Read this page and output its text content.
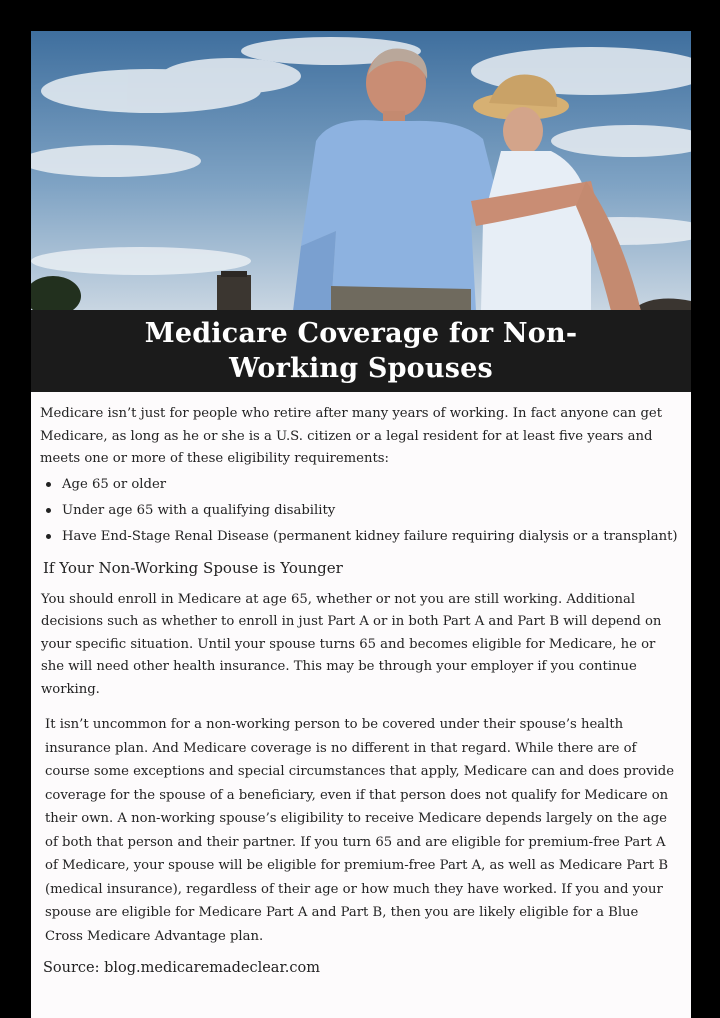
Medicare Coverage for Non-Working Spouses

Medicare isn’t just for people who retire after many years of working. In fact anyone can get Medicare, as long as he or she is a U.S. citizen or a legal resident for at least five years and meets one or more of these eligibility requirements:

Age 65 or older
Under age 65 with a qualifying disability
Have End-Stage Renal Disease (permanent kidney failure requiring dialysis or a transplant)
If Your Non-Working Spouse is Younger

You should enroll in Medicare at age 65, whether or not you are still working. Additional decisions such as whether to enroll in just Part A or in both Part A and Part B will depend on your specific situation. Until your spouse turns 65 and becomes eligible for Medicare, he or she will need other health insurance. This may be through your employer if you continue working.

It isn’t uncommon for a non-working person to be covered under their spouse’s health insurance plan. And Medicare coverage is no different in that regard. While there are of course some exceptions and special circumstances that apply, Medicare can and does provide coverage for the spouse of a beneficiary, even if that person does not qualify for Medicare on their own. A non-working spouse’s eligibility to receive Medicare depends largely on the age of both that person and their partner. If you turn 65 and are eligible for premium-free Part A of Medicare, your spouse will be eligible for premium-free Part A, as well as Medicare Part B (medical insurance), regardless of their age or how much they have worked. If you and your spouse are eligible for Medicare Part A and Part B, then you are likely eligible for a Blue Cross Medicare Advantage plan.

Source: blog.medicaremadeclear.com
